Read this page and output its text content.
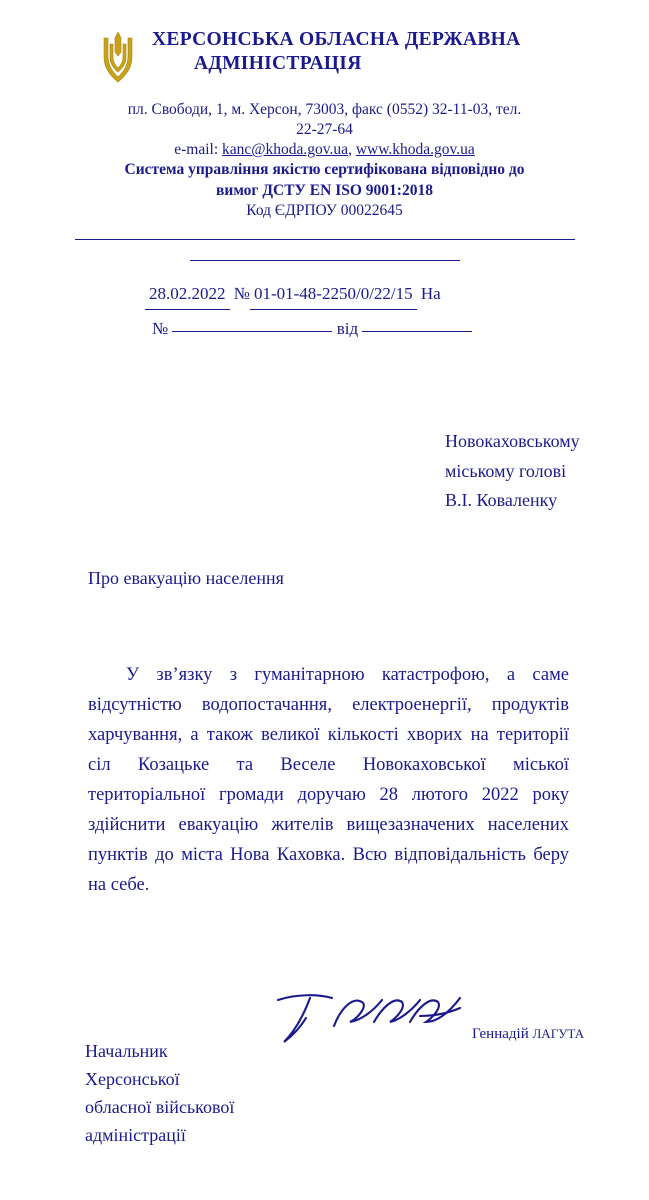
ХЕРСОНСЬКА ОБЛАСНА ДЕРЖАВНА
АДМІНІСТРАЦІЯ
пл. Свободи, 1, м. Херсон, 73003, факс (0552) 32-11-03, тел.
22-27-64
e-mail: kanc@khoda.gov.ua, www.khoda.gov.ua
Система управління якістю сертифікована відповідно до
вимог ДСТУ EN ISO 9001:2018
Код ЄДРПОУ 00022645
28.02.2022 № 01-01-48-2250/0/22/15 На
№	від
Новокаховському
міському голові
В.І. Коваленку
Про евакуацію населення
У зв’язку з гуманітарною катастрофою, а саме відсутністю водопостачання, електроенергії, продуктів харчування, а також великої кількості хворих на території сіл Козацьке та Веселе Новокаховської міської територіальної громади доручаю 28 лютого 2022 року здійснити евакуацію жителів вищезазначених населених пунктів до міста Нова Каховка. Всю відповідальність беру на себе.
Геннадій ЛАГУТА
Начальник
Херсонської
обласної військової
адміністрації
